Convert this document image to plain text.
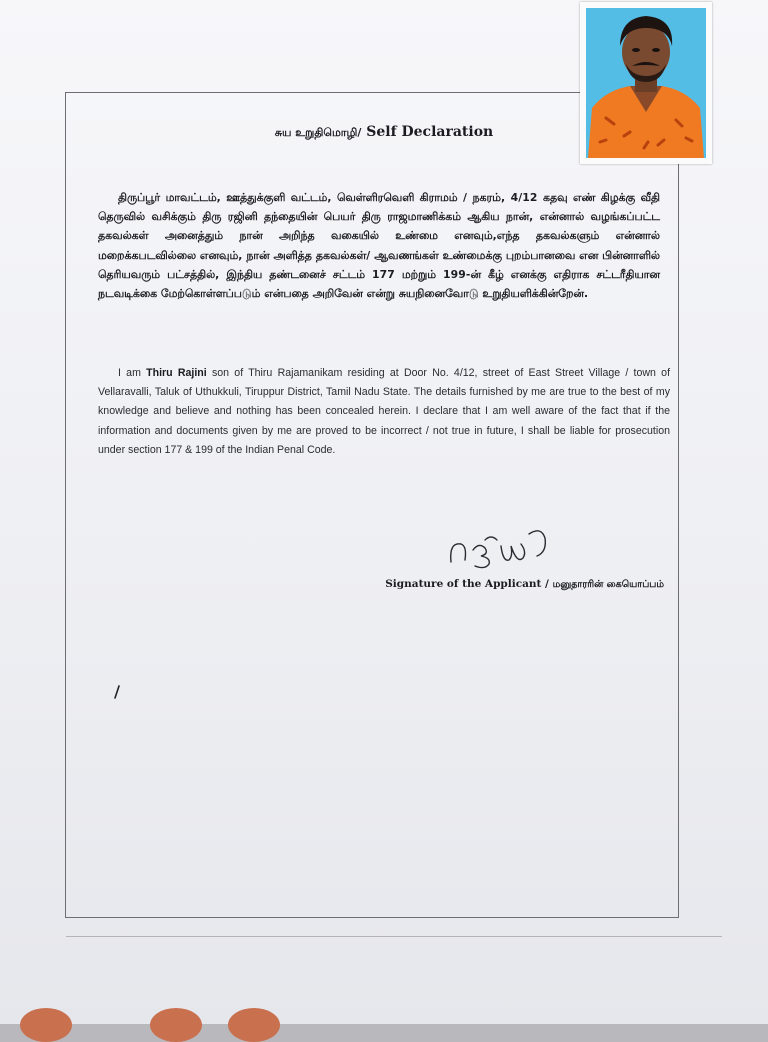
சுய உறுதிமொழி/ Self Declaration
திருப்பூர் மாவட்டம், ஊத்துக்குளி வட்டம், வெள்ளிரவெளி கிராமம் / நகரம், 4/12 கதவு எண் கிழக்கு வீதி தெருவில் வசிக்கும் திரு ரஜினி தந்தையின் பெயர் திரு ராஜமாணிக்கம் ஆகிய நான், என்னால் வழங்கப்பட்ட தகவல்கள் அனைத்தும் நான் அறிந்த வகையில் உண்மை எனவும்,எந்த தகவல்களும் என்னால் மறைக்கபடவில்லை எனவும், நான் அளித்த தகவல்கள்/ ஆவணங்கள் உண்மைக்கு புறம்பானவை என பின்னாளில் தெரியவரும் பட்சத்தில், இந்திய தண்டனைச் சட்டம் 177 மற்றும் 199-ன் கீழ் எனக்கு எதிராக சட்டரீதியான நடவடிக்கை மேற்கொள்ளப்படும் என்பதை அறிவேன் என்று சுயநினைவோடு உறுதியளிக்கின்றேன்.
I am Thiru Rajini son of Thiru Rajamanikam residing at Door No. 4/12, street of East Street Village / town of Vellaravalli, Taluk of Uthukkuli, Tiruppur District, Tamil Nadu State. The details furnished by me are true to the best of my knowledge and believe and nothing has been concealed herein. I declare that I am well aware of the fact that if the information and documents given by me are proved to be incorrect / not true in future, I shall be liable for prosecution under section 177 & 199 of the Indian Penal Code.
Signature of the Applicant / மனுதாரரின் கையொப்பம்
